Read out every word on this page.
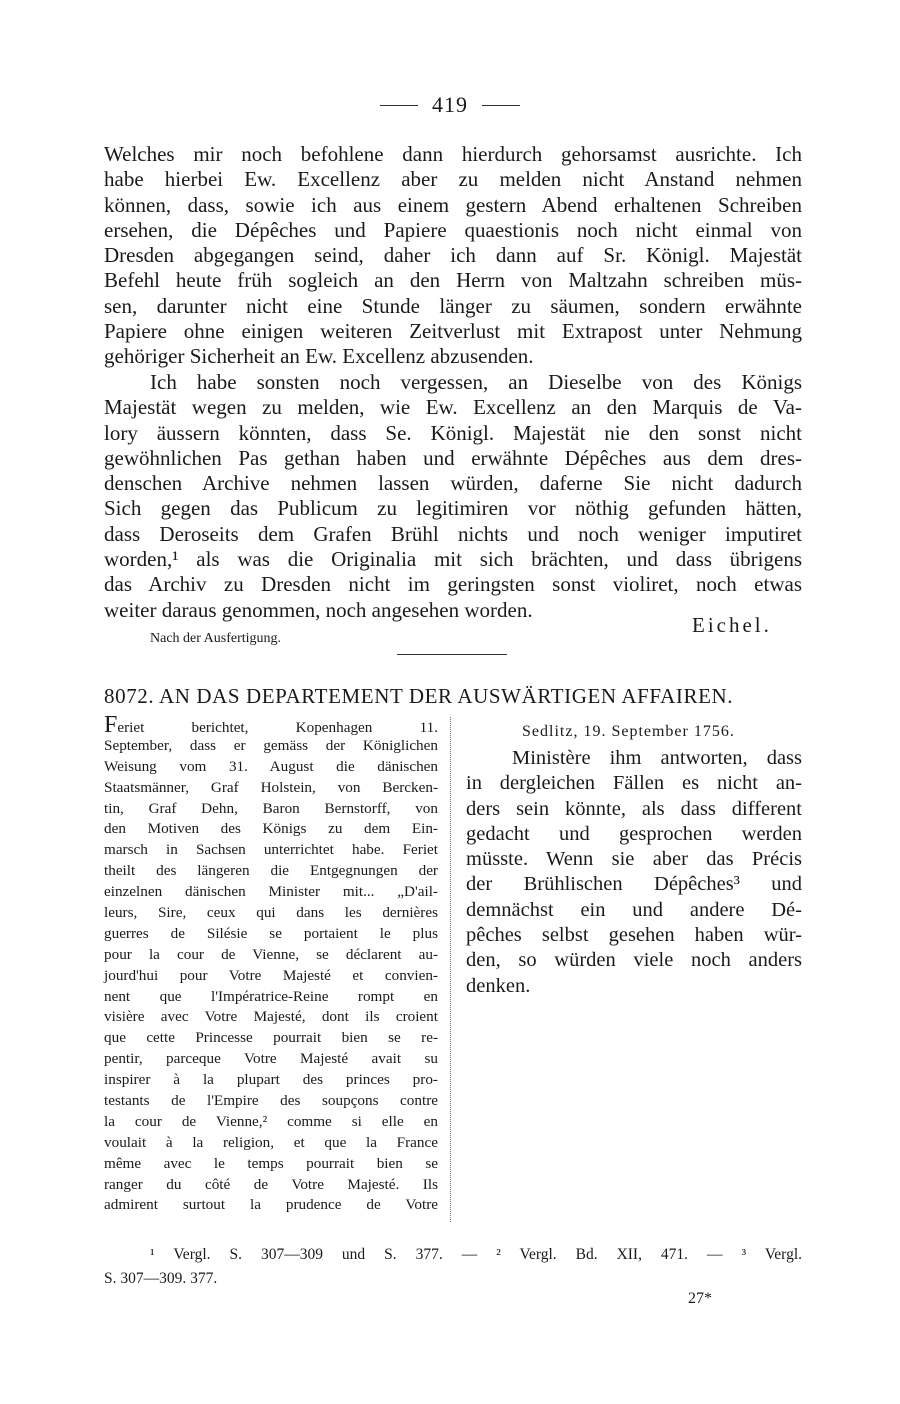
419
Welches mir noch befohlene dann hierdurch gehorsamst ausrichte. Ich
habe hierbei Ew. Excellenz aber zu melden nicht Anstand nehmen
können, dass, sowie ich aus einem gestern Abend erhaltenen Schreiben
ersehen, die Dépêches und Papiere quaestionis noch nicht einmal von
Dresden abgegangen seind, daher ich dann auf Sr. Königl. Majestät
Befehl heute früh sogleich an den Herrn von Maltzahn schreiben müs-
sen, darunter nicht eine Stunde länger zu säumen, sondern erwähnte
Papiere ohne einigen weiteren Zeitverlust mit Extrapost unter Nehmung
gehöriger Sicherheit an Ew. Excellenz abzusenden.
Ich habe sonsten noch vergessen, an Dieselbe von des Königs
Majestät wegen zu melden, wie Ew. Excellenz an den Marquis de Va-
lory äussern könnten, dass Se. Königl. Majestät nie den sonst nicht
gewöhnlichen Pas gethan haben und erwähnte Dépêches aus dem dres-
denschen Archive nehmen lassen würden, daferne Sie nicht dadurch
Sich gegen das Publicum zu legitimiren vor nöthig gefunden hätten,
dass Deroseits dem Grafen Brühl nichts und noch weniger imputiret
worden,¹ als was die Originalia mit sich brächten, und dass übrigens
das Archiv zu Dresden nicht im geringsten sonst violiret, noch etwas
weiter daraus genommen, noch angesehen worden.
Eichel.
Nach der Ausfertigung.
8072. AN DAS DEPARTEMENT DER AUSWÄRTIGEN AFFAIREN.
Feriet berichtet, Kopenhagen 11.
September, dass er gemäss der Königlichen
Weisung vom 31. August die dänischen
Staatsmänner, Graf Holstein, von Bercken-
tin, Graf Dehn, Baron Bernstorff, von
den Motiven des Königs zu dem Ein-
marsch in Sachsen unterrichtet habe. Feriet
theilt des längeren die Entgegnungen der
einzelnen dänischen Minister mit... „D'ail-
leurs, Sire, ceux qui dans les dernières
guerres de Silésie se portaient le plus
pour la cour de Vienne, se déclarent au-
jourd'hui pour Votre Majesté et convien-
nent que l'Impératrice-Reine rompt en
visière avec Votre Majesté, dont ils croient
que cette Princesse pourrait bien se re-
pentir, parceque Votre Majesté avait su
inspirer à la plupart des princes pro-
testants de l'Empire des soupçons contre
la cour de Vienne,² comme si elle en
voulait à la religion, et que la France
même avec le temps pourrait bien se
ranger du côté de Votre Majesté. Ils
admirent surtout la prudence de Votre
Sedlitz, 19. September 1756.
Ministère ihm antworten, dass
in dergleichen Fällen es nicht an-
ders sein könnte, als dass different
gedacht und gesprochen werden
müsste. Wenn sie aber das Précis
der Brühlischen Dépêches³ und
demnächst ein und andere Dé-
pêches selbst gesehen haben wür-
den, so würden viele noch anders
denken.
¹ Vergl. S. 307—309 und S. 377. — ² Vergl. Bd. XII, 471. — ³ Vergl.
S. 307—309. 377.
27*
